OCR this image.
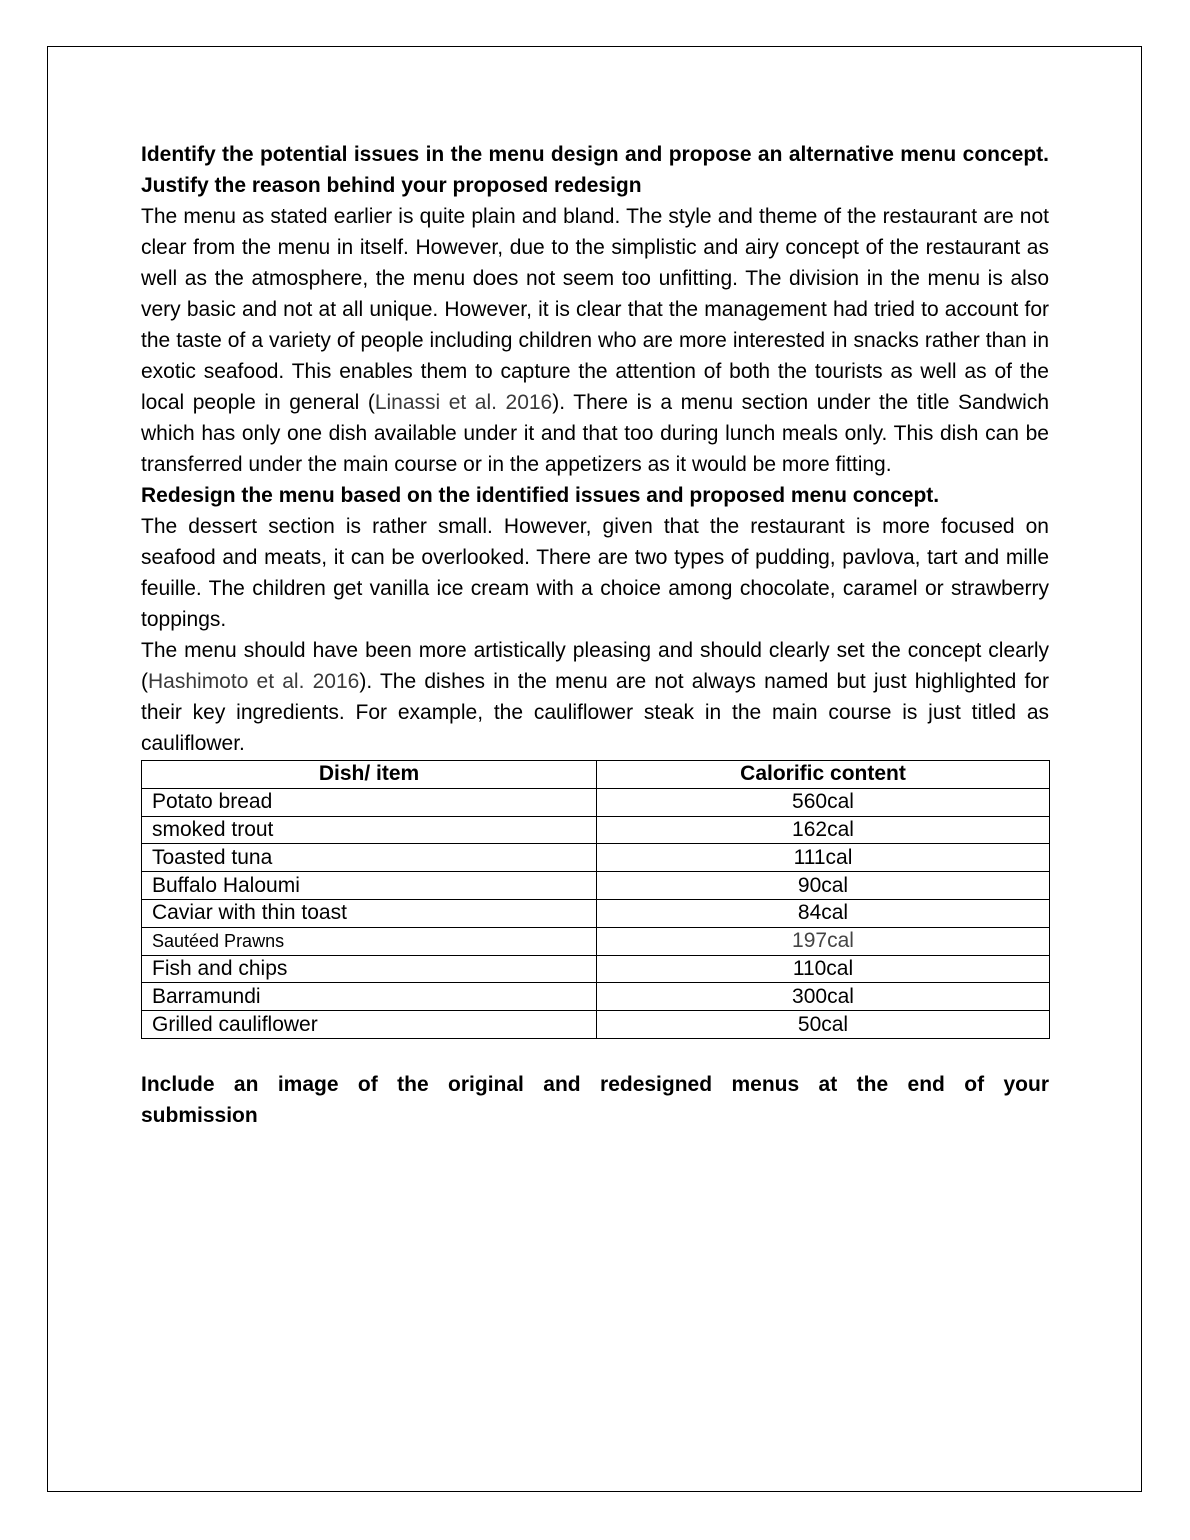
Identify the potential issues in the menu design and propose an alternative menu concept. Justify the reason behind your proposed redesign

The menu as stated earlier is quite plain and bland. The style and theme of the restaurant are not clear from the menu in itself. However, due to the simplistic and airy concept of the restaurant as well as the atmosphere, the menu does not seem too unfitting. The division in the menu is also very basic and not at all unique. However, it is clear that the management had tried to account for the taste of a variety of people including children who are more interested in snacks rather than in exotic seafood. This enables them to capture the attention of both the tourists as well as of the local people in general (Linassi et al. 2016). There is a menu section under the title Sandwich which has only one dish available under it and that too during lunch meals only. This dish can be transferred under the main course or in the appetizers as it would be more fitting.

Redesign the menu based on the identified issues and proposed menu concept.

The dessert section is rather small. However, given that the restaurant is more focused on seafood and meats, it can be overlooked. There are two types of pudding, pavlova, tart and mille feuille. The children get vanilla ice cream with a choice among chocolate, caramel or strawberry toppings.

The menu should have been more artistically pleasing and should clearly set the concept clearly (Hashimoto et al. 2016). The dishes in the menu are not always named but just highlighted for their key ingredients. For example, the cauliflower steak in the main course is just titled as cauliflower.

Dish/ item	Calorific content
Potato bread	560cal
smoked trout	162cal
Toasted tuna	111cal
Buffalo Haloumi	90cal
Caviar with thin toast	84cal
Sautéed Prawns	197cal
Fish and chips	110cal
Barramundi	300cal
Grilled cauliflower	50cal
Include an image of the original and redesigned menus at the end of your
submission
